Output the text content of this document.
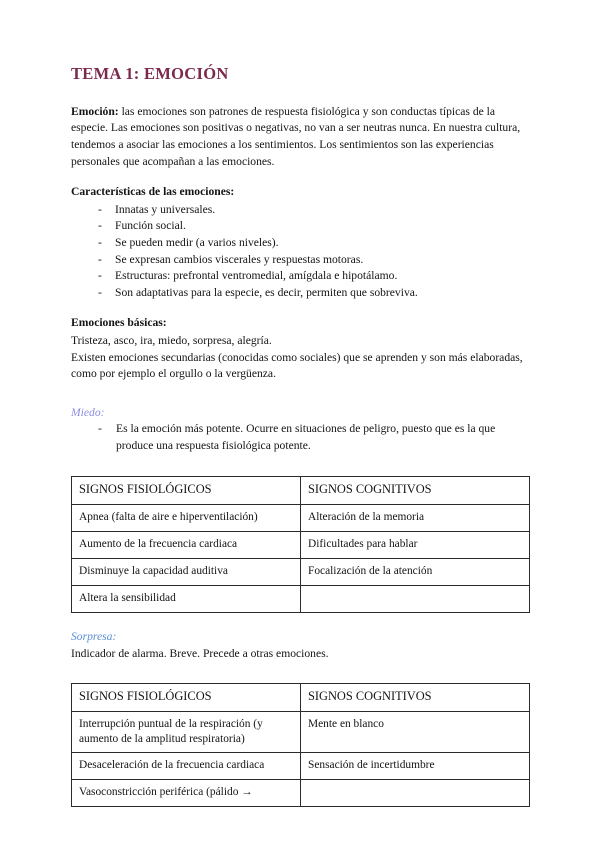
TEMA 1: EMOCIÓN

Emoción: las emociones son patrones de respuesta fisiológica y son conductas típicas de la especie. Las emociones son positivas o negativas, no van a ser neutras nunca. En nuestra cultura, tendemos a asociar las emociones a los sentimientos. Los sentimientos son las experiencias personales que acompañan a las emociones.

Características de las emociones:

- Innatas y universales.
- Función social.
- Se pueden medir (a varios niveles).
- Se expresan cambios viscerales y respuestas motoras.
- Estructuras: prefrontal ventromedial, amígdala e hipotálamo.
- Son adaptativas para la especie, es decir, permiten que sobreviva.

Emociones básicas:

Tristeza, asco, ira, miedo, sorpresa, alegría.

Existen emociones secundarias (conocidas como sociales) que se aprenden y son más elaboradas, como por ejemplo el orgullo o la vergüenza.

Miedo:

- Es la emoción más potente. Ocurre en situaciones de peligro, puesto que es la que produce una respuesta fisiológica potente.
SIGNOS FISIOLÓGICOS	SIGNOS COGNITIVOS
Apnea (falta de aire e hiperventilación)	Alteración de la memoria
Aumento de la frecuencia cardiaca	Dificultades para hablar
Disminuye la capacidad auditiva	Focalización de la atención
Altera la sensibilidad	

Sorpresa:

Indicador de alarma. Breve. Precede a otras emociones.

SIGNOS FISIOLÓGICOS	SIGNOS COGNITIVOS
Interrupción puntual de la respiración (y aumento de la amplitud respiratoria)	Mente en blanco
Desaceleración de la frecuencia cardiaca	Sensación de incertidumbre
Vasoconstricción periférica (pálido →	
